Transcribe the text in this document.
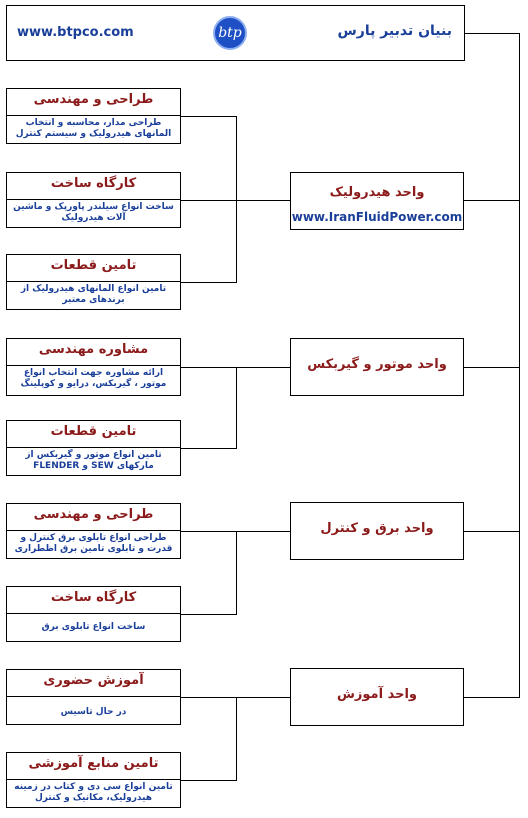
www.btpco.com	btp	بنیان تدبیر پارس
واحد هیدرولیک
www.IranFluidPower.com
واحد موتور و گیربکس
واحد برق و کنترل
واحد آموزش
طراحی و مهندسی
طراحی مدار، محاسبه و انتخاب المانهای هیدرولیک و سیستم کنترل
کارگاه ساخت
ساخت انواع سیلندر پاورپک و ماشین آلات هیدرولیک
تامین قطعات
تامین انواع المانهای هیدرولیک از برندهای معتبر
مشاوره مهندسی
ارائه مشاوره جهت انتخاب انواع موتور ، گیربکس، درایو و کوپلینگ
تامین قطعات
تامین انواع موتور و گیربکس از مارکهای SEW و FLENDER
طراحی و مهندسی
طراحی انواع تابلوی برق کنترل و قدرت و تابلوی تامین برق اظطراری
کارگاه ساخت
ساخت انواع تابلوی برق
آموزش حضوری
در حال تاسیس
تامین منابع آموزشی
تامین انواع سی دی و کتاب در زمینه هیدرولیک، مکانیک و کنترل
